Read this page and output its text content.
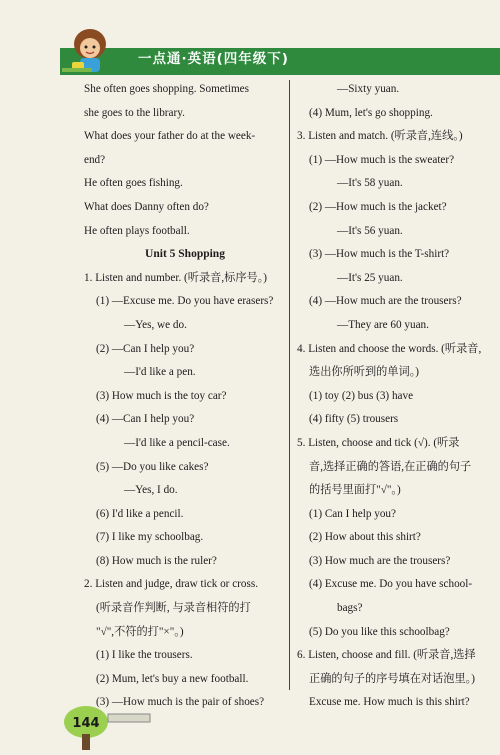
一点通·英语(四年级下)
She often goes shopping. Sometimes
she goes to the library.
What does your father do at the week-
end?
He often goes fishing.
What does Danny often do?
He often plays football.
Unit 5 Shopping
1. Listen and number. (听录音,标序号。)
(1) —Excuse me. Do you have erasers?
—Yes, we do.
(2) —Can I help you?
—I'd like a pen.
(3) How much is the toy car?
(4) —Can I help you?
—I'd like a pencil-case.
(5) —Do you like cakes?
—Yes, I do.
(6) I'd like a pencil.
(7) I like my schoolbag.
(8) How much is the ruler?
2. Listen and judge, draw tick or cross.
(听录音作判断, 与录音相符的打
"√",不符的打"×"。)
(1) I like the trousers.
(2) Mum, let's buy a new football.
(3) —How much is the pair of shoes?
—Sixty yuan.
(4) Mum, let's go shopping.
3. Listen and match. (听录音,连线。)
(1) —How much is the sweater?
—It's 58 yuan.
(2) —How much is the jacket?
—It's 56 yuan.
(3) —How much is the T-shirt?
—It's 25 yuan.
(4) —How much are the trousers?
—They are 60 yuan.
4. Listen and choose the words. (听录音,
选出你所听到的单词。)
(1) toy (2) bus (3) have
(4) fifty (5) trousers
5. Listen, choose and tick (√). (听录
音,选择正确的答语,在正确的句子
的括号里面打"√"。)
(1) Can I help you?
(2) How about this shirt?
(3) How much are the trousers?
(4) Excuse me. Do you have school-
bags?
(5) Do you like this schoolbag?
6. Listen, choose and fill. (听录音,选择
正确的句子的序号填在对话泡里。)
Excuse me. How much is this shirt?
144
